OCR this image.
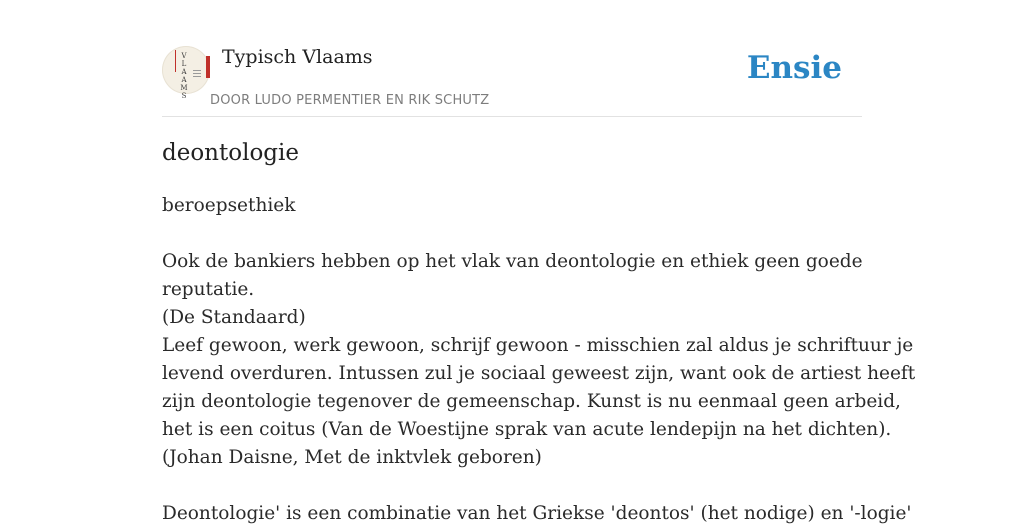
V
L
A
A
M
S
Typisch Vlaams
DOOR LUDO PERMENTIER EN RIK SCHUTZ
Ensie
deontologie
beroepsethiek
Ook de bankiers hebben op het vlak van deontologie en ethiek geen goede
reputatie.
(De Standaard)
Leef gewoon, werk gewoon, schrijf gewoon - misschien zal aldus je schriftuur je
levend overduren. Intussen zul je sociaal geweest zijn, want ook de artiest heeft
zijn deontologie tegenover de gemeenschap. Kunst is nu eenmaal geen arbeid,
het is een coitus (Van de Woestijne sprak van acute lendepijn na het dichten).
(Johan Daisne, Met de inktvlek geboren)
Deontologie' is een combinatie van het Griekse 'deontos' (het nodige) en '-logie'
